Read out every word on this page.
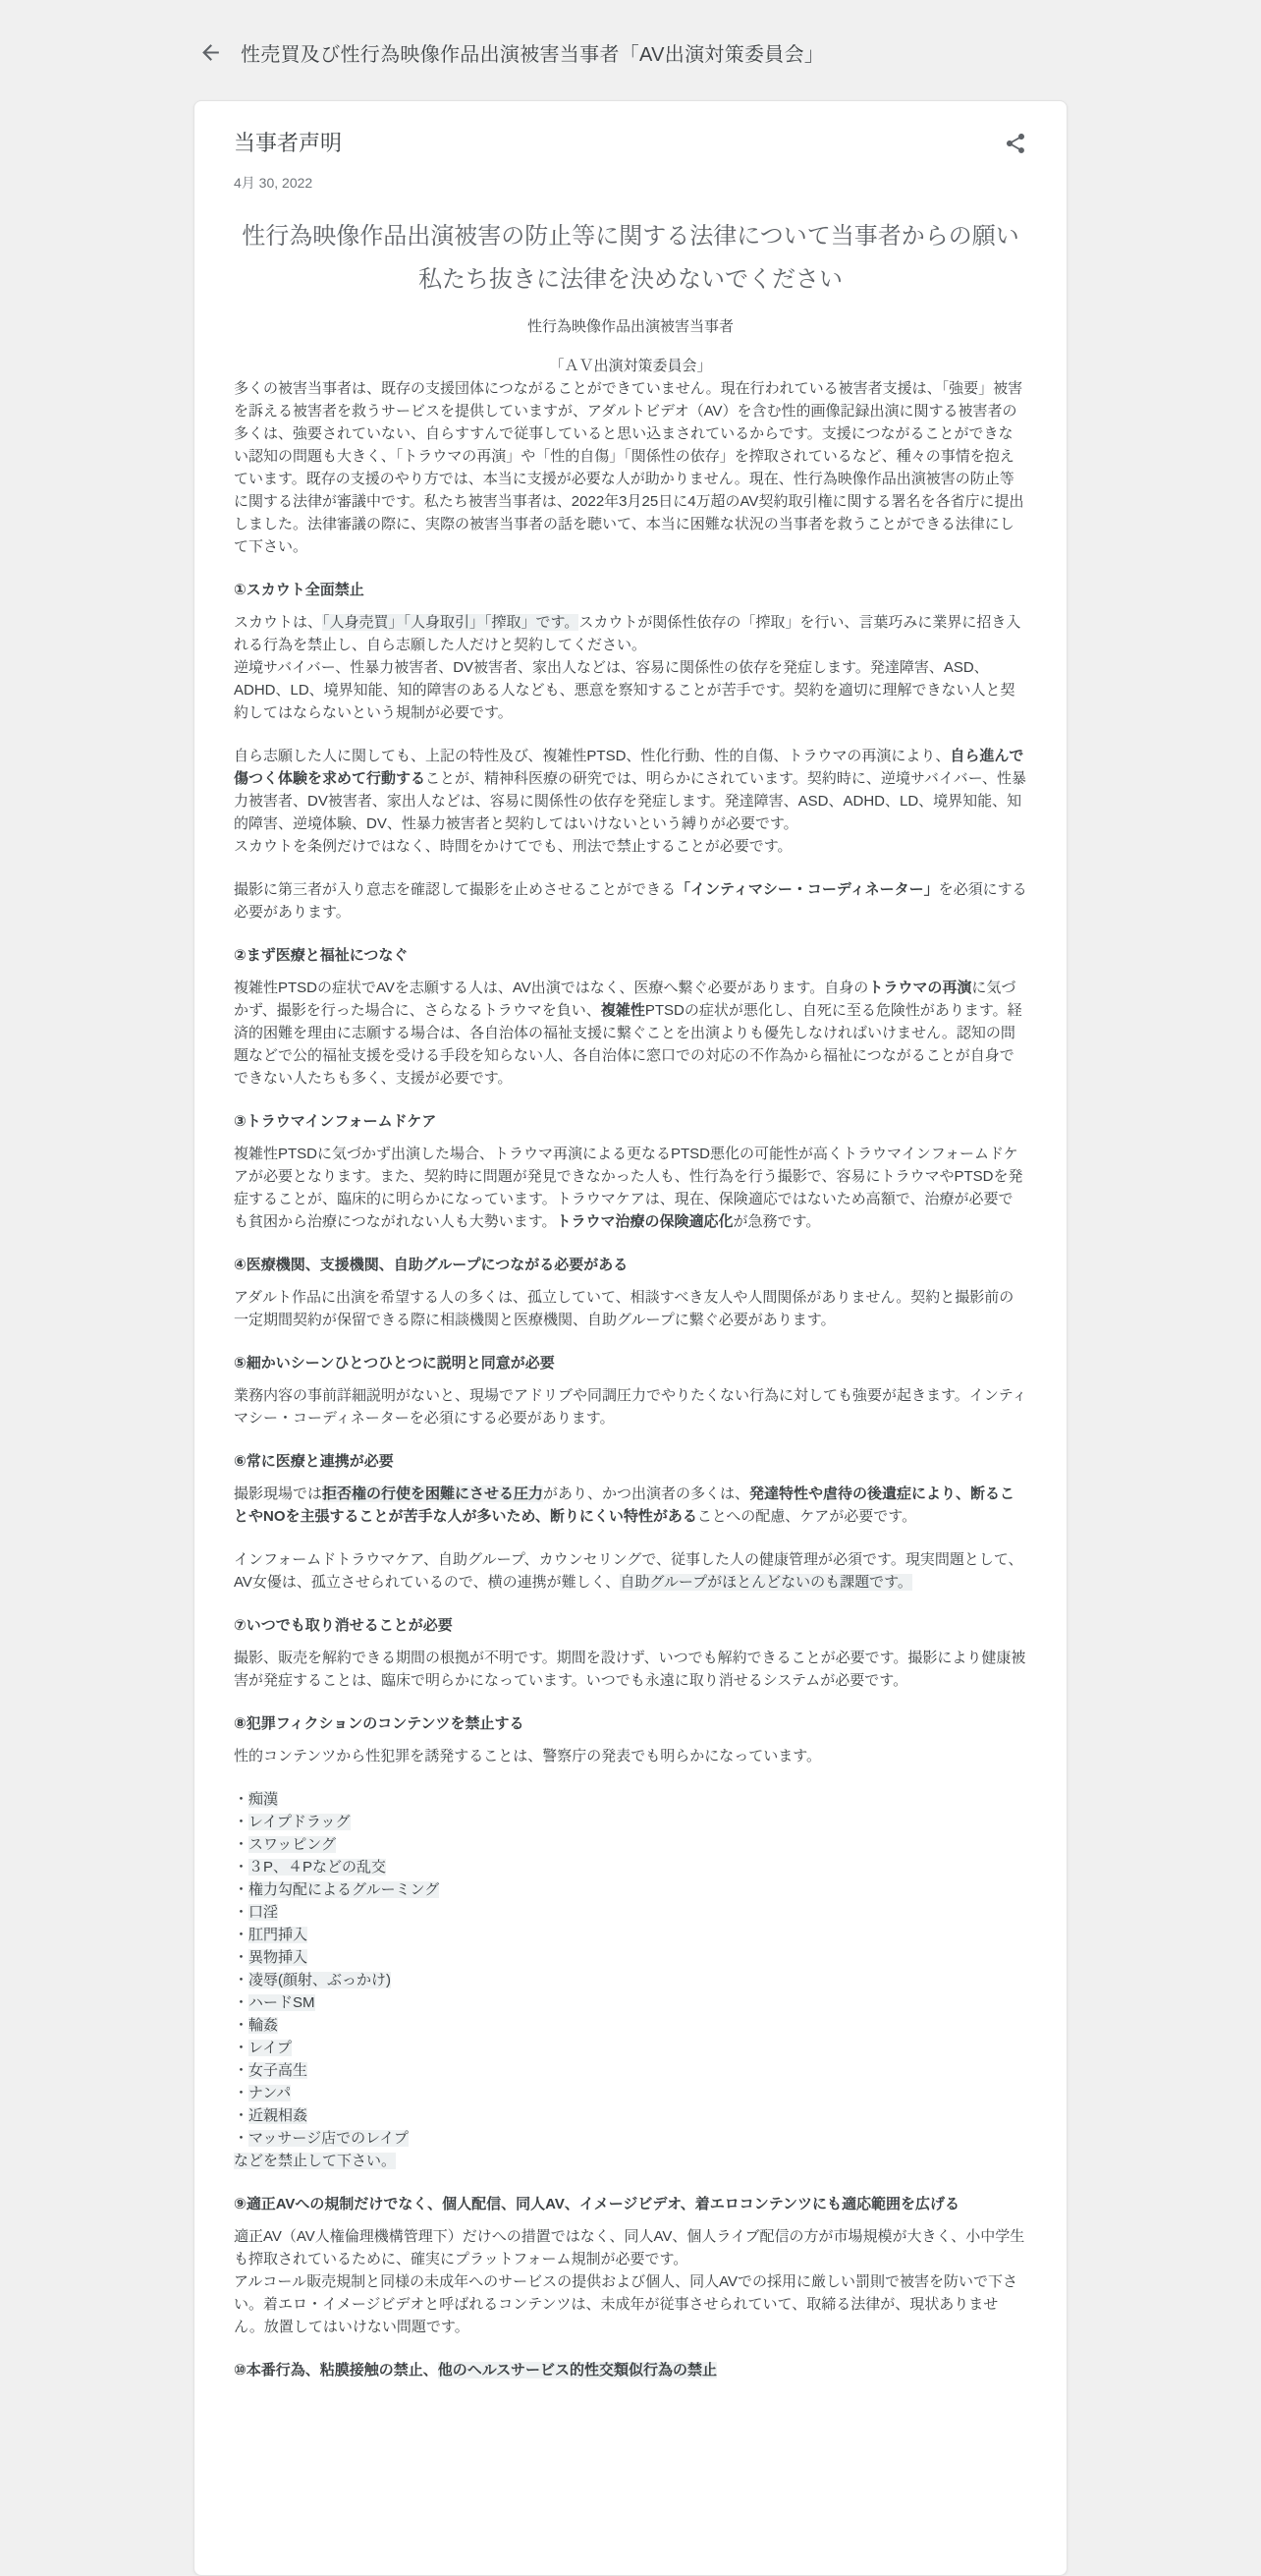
性売買及び性行為映像作品出演被害当事者「AV出演対策委員会」
当事者声明
4月 30, 2022
性行為映像作品出演被害の防止等に関する法律について当事者からの願い
私たち抜きに法律を決めないでください

性行為映像作品出演被害当事者

「ＡＶ出演対策委員会」

多くの被害当事者は、既存の支援団体につながることができていません。現在行われている被害者支援は、「強要」被害を訴える被害者を救うサービスを提供していますが、アダルトビデオ（AV）を含む性的画像記録出演に関する被害者の多くは、強要されていない、自らすすんで従事していると思い込まされているからです。支援につながることができない認知の問題も大きく、「トラウマの再演」や「性的自傷」「関係性の依存」を搾取されているなど、種々の事情を抱えています。既存の支援のやり方では、本当に支援が必要な人が助かりません。現在、性行為映像作品出演被害の防止等に関する法律が審議中です。私たち被害当事者は、2022年3月25日に4万超のAV契約取引権に関する署名を各省庁に提出しました。法律審議の際に、実際の被害当事者の話を聴いて、本当に困難な状況の当事者を救うことができる法律にして下さい。

①スカウト全面禁止

スカウトは、「人身売買」「人身取引」「搾取」です。スカウトが関係性依存の「搾取」を行い、言葉巧みに業界に招き入れる行為を禁止し、自ら志願した人だけと契約してください。
逆境サバイバー、性暴力被害者、DV被害者、家出人などは、容易に関係性の依存を発症します。発達障害、ASD、ADHD、LD、境界知能、知的障害のある人なども、悪意を察知することが苦手です。契約を適切に理解できない人と契約してはならないという規制が必要です。

自ら志願した人に関しても、上記の特性及び、複雑性PTSD、性化行動、性的自傷、トラウマの再演により、自ら進んで傷つく体験を求めて行動することが、精神科医療の研究では、明らかにされています。契約時に、逆境サバイバー、性暴力被害者、DV被害者、家出人などは、容易に関係性の依存を発症します。発達障害、ASD、ADHD、LD、境界知能、知的障害、逆境体験、DV、性暴力被害者と契約してはいけないという縛りが必要です。
スカウトを条例だけではなく、時間をかけてでも、刑法で禁止することが必要です。

撮影に第三者が入り意志を確認して撮影を止めさせることができる「インティマシー・コーディネーター」を必須にする必要があります。

②まず医療と福祉につなぐ

複雑性PTSDの症状でAVを志願する人は、AV出演ではなく、医療へ繋ぐ必要があります。自身のトラウマの再演に気づかず、撮影を行った場合に、さらなるトラウマを負い、複雑性PTSDの症状が悪化し、自死に至る危険性があります。経済的困難を理由に志願する場合は、各自治体の福祉支援に繋ぐことを出演よりも優先しなければいけません。認知の問題などで公的福祉支援を受ける手段を知らない人、各自治体に窓口での対応の不作為から福祉につながることが自身でできない人たちも多く、支援が必要です。

③トラウマインフォームドケア

複雑性PTSDに気づかず出演した場合、トラウマ再演による更なるPTSD悪化の可能性が高くトラウマインフォームドケアが必要となります。また、契約時に問題が発見できなかった人も、性行為を行う撮影で、容易にトラウマやPTSDを発症することが、臨床的に明らかになっています。トラウマケアは、現在、保険適応ではないため高額で、治療が必要でも貧困から治療につながれない人も大勢います。トラウマ治療の保険適応化が急務です。

④医療機関、支援機関、自助グループにつながる必要がある

アダルト作品に出演を希望する人の多くは、孤立していて、相談すべき友人や人間関係がありません。契約と撮影前の一定期間契約が保留できる際に相談機関と医療機関、自助グループに繋ぐ必要があります。

⑤細かいシーンひとつひとつに説明と同意が必要

業務内容の事前詳細説明がないと、現場でアドリブや同調圧力でやりたくない行為に対しても強要が起きます。インティマシー・コーディネーターを必須にする必要があります。

⑥常に医療と連携が必要

撮影現場では拒否権の行使を困難にさせる圧力があり、かつ出演者の多くは、発達特性や虐待の後遺症により、断ることやNOを主張することが苦手な人が多いため、断りにくい特性があることへの配慮、ケアが必要です。

インフォームドトラウマケア、自助グループ、カウンセリングで、従事した人の健康管理が必須です。現実問題として、AV女優は、孤立させられているので、横の連携が難しく、自助グループがほとんどないのも課題です。

⑦いつでも取り消せることが必要

撮影、販売を解約できる期間の根拠が不明です。期間を設けず、いつでも解約できることが必要です。撮影により健康被害が発症することは、臨床で明らかになっています。いつでも永遠に取り消せるシステムが必要です。

⑧犯罪フィクションのコンテンツを禁止する

性的コンテンツから性犯罪を誘発することは、警察庁の発表でも明らかになっています。

・痴漢
・レイプドラッグ
・スワッピング
・３P、４Pなどの乱交
・権力勾配によるグルーミング
・口淫
・肛門挿入
・異物挿入
・凌辱(顔射、ぶっかけ)
・ハードSM
・輪姦
・レイプ
・女子高生
・ナンパ
・近親相姦
・マッサージ店でのレイプ
などを禁止して下さい。

⑨適正AVへの規制だけでなく、個人配信、同人AV、イメージビデオ、着エロコンテンツにも適応範囲を広げる

適正AV（AV人権倫理機構管理下）だけへの措置ではなく、同人AV、個人ライブ配信の方が市場規模が大きく、小中学生も搾取されているために、確実にプラットフォーム規制が必要です。
アルコール販売規制と同様の未成年へのサービスの提供および個人、同人AVでの採用に厳しい罰則で被害を防いで下さい。着エロ・イメージビデオと呼ばれるコンテンツは、未成年が従事させられていて、取締る法律が、現状ありません。放置してはいけない問題です。

⑩本番行為、粘膜接触の禁止、他のヘルスサービス的性交類似行為の禁止
